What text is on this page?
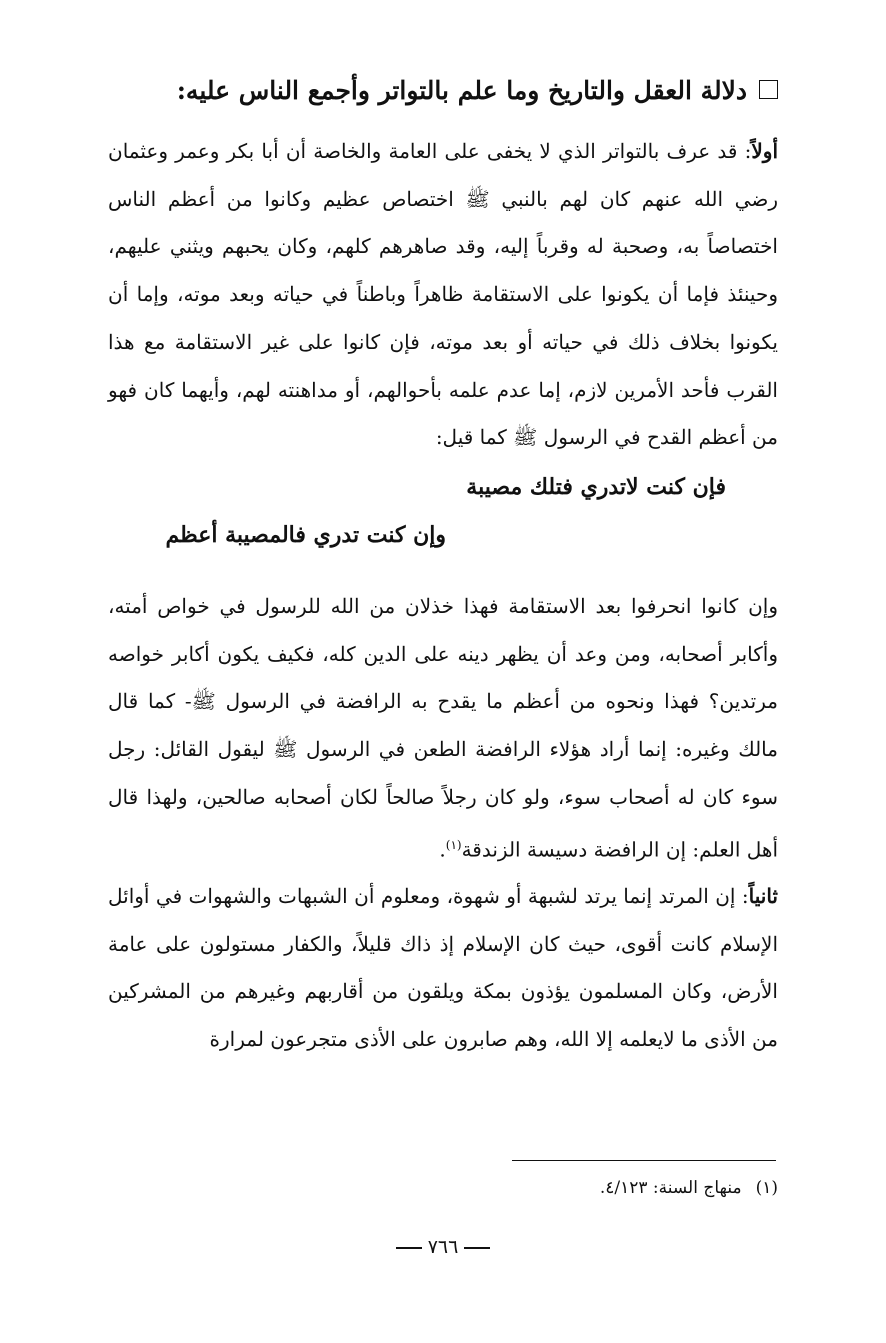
دلالة العقل والتاريخ وما علم بالتواتر وأجمع الناس عليه:

أولاً: قد عرف بالتواتر الذي لا يخفى على العامة والخاصة أن أبا بكر وعمر وعثمان رضي الله عنهم كان لهم بالنبي ﷺ اختصاص عظيم وكانوا من أعظم الناس اختصاصاً به، وصحبة له وقرباً إليه، وقد صاهرهم كلهم، وكان يحبهم ويثني عليهم، وحينئذ فإما أن يكونوا على الاستقامة ظاهراً وباطناً في حياته وبعد موته، وإما أن يكونوا بخلاف ذلك في حياته أو بعد موته، فإن كانوا على غير الاستقامة مع هذا القرب فأحد الأمرين لازم، إما عدم علمه بأحوالهم، أو مداهنته لهم، وأيهما كان فهو من أعظم القدح في الرسول ﷺ كما قيل:

فإن كنت لاتدري فتلك مصيبة
وإن كنت تدري فالمصيبة أعظم

وإن كانوا انحرفوا بعد الاستقامة فهذا خذلان من الله للرسول في خواص أمته، وأكابر أصحابه، ومن وعد أن يظهر دينه على الدين كله، فكيف يكون أكابر خواصه مرتدين؟ فهذا ونحوه من أعظم ما يقدح به الرافضة في الرسول ﷺ- كما قال مالك وغيره: إنما أراد هؤلاء الرافضة الطعن في الرسول ﷺ ليقول القائل: رجل سوء كان له أصحاب سوء، ولو كان رجلاً صالحاً لكان أصحابه صالحين، ولهذا قال أهل العلم: إن الرافضة دسيسة الزندقة$^{(١)}$.

ثانياً: إن المرتد إنما يرتد لشبهة أو شهوة، ومعلوم أن الشبهات والشهوات في أوائل الإسلام كانت أقوى، حيث كان الإسلام إذ ذاك قليلاً، والكفار مستولون على عامة الأرض، وكان المسلمون يؤذون بمكة ويلقون من أقاربهم وغيرهم من المشركين من الأذى ما لايعلمه إلا الله، وهم صابرون على الأذى متجرعون لمرارة

(١)منهاج السنة: ٤/١٢٣.
٧٦٦
